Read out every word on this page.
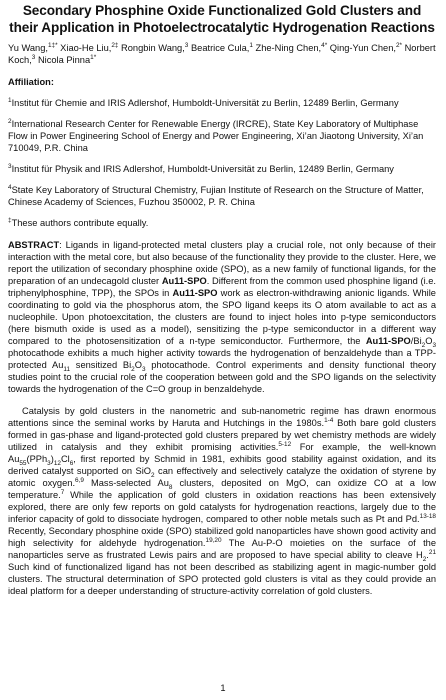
Secondary Phosphine Oxide Functionalized Gold Clusters and their Application in Photoelectrocatalytic Hydrogenation Reactions
Yu Wang,$^{1\ddagger*}$ Xiao-He Liu,$^{2\ddagger}$ Rongbin Wang,$^3$ Beatrice Cula,$^1$ Zhe-Ning Chen,$^{4*}$ Qing-Yun Chen,$^{2*}$ Norbert Koch,$^3$ Nicola Pinna$^{1*}$
Affiliation:
$^1$Institut für Chemie and IRIS Adlershof, Humboldt-Universität zu Berlin, 12489 Berlin, Germany
$^2$International Research Center for Renewable Energy (IRCRE), State Key Laboratory of Multiphase Flow in Power Engineering School of Energy and Power Engineering, Xi’an Jiaotong University, Xi’an 710049, P.R. China
$^3$Institut für Physik and IRIS Adlershof, Humboldt-Universität zu Berlin, 12489 Berlin, Germany
$^4$State Key Laboratory of Structural Chemistry, Fujian Institute of Research on the Structure of Matter, Chinese Academy of Sciences, Fuzhou 350002, P. R. China
‡These authors contribute equally.

ABSTRACT: Ligands in ligand-protected metal clusters play a crucial role, not only because of their interaction with the metal core, but also because of the functionality they provide to the cluster. Here, we report the utilization of secondary phosphine oxide (SPO), as a new family of functional ligands, for the preparation of an undecagold cluster Au11-SPO. Different from the common used phosphine ligand (i.e. triphenylphosphine, TPP), the SPOs in Au11-SPO work as electron-withdrawing anionic ligands. While coordinating to gold via the phosphorus atom, the SPO ligand keeps its O atom available to act as a nucleophile. Upon photoexcitation, the clusters are found to inject holes into p-type semiconductors (here bismuth oxide is used as a model), sensitizing the p-type semiconductor in a different way compared to the photosensitization of a n-type semiconductor. Furthermore, the $Au11-SPO/Bi_2O_3$ photocathode exhibits a much higher activity towards the hydrogenation of benzaldehyde than a TPP-protected $Au_{11}$ sensitized $Bi_2O_3$ photocathode. Control experiments and density functional theory studies point to the crucial role of the cooperation between gold and the SPO ligands on the selectivity towards the hydrogenation of the C=O group in benzaldehyde.

Catalysis by gold clusters in the nanometric and sub-nanometric regime has drawn enormous attentions since the seminal works by Haruta and Hutchings in the 1980s.$^{1-4}$ Both bare gold clusters formed in gas-phase and ligand-protected gold clusters prepared by wet chemistry methods are widely utilized in catalysis and they exhibit promising activities.$^{5-12}$ For example, the well-known $Au_{55}(PPh_3)_{12}Cl_6$, first reported by Schmid in 1981, exhibits good stability against oxidation, and its derived catalyst supported on SiO$_2$ can effectively and selectively catalyze the oxidation of styrene by atomic oxygen.$^{6,9}$ Mass-selected $Au_8$ clusters, deposited on MgO, can oxidize CO at a low temperature.$^7$ While the application of gold clusters in oxidation reactions has been extensively explored, there are only few reports on gold catalysts for hydrogenation reactions, largely due to the inferior capacity of gold to dissociate hydrogen, compared to other noble metals such as Pt and Pd.$^{13-18}$ Recently, Secondary phosphine oxide (SPO) stabilized gold nanoparticles have shown good activity and high selectivity for aldehyde hydrogenation.$^{19,20}$ The Au-P-O moieties on the surface of the nanoparticles serve as frustrated Lewis pairs and are proposed to have special ability to cleave $H_2.^{21}$ Such kind of functionalized ligand has not been described as stabilizing agent in magic-number gold clusters. The structural determination of SPO protected gold clusters is vital as they could provide an ideal platform for a deeper understanding of structure-activity correlation of gold clusters.

1
